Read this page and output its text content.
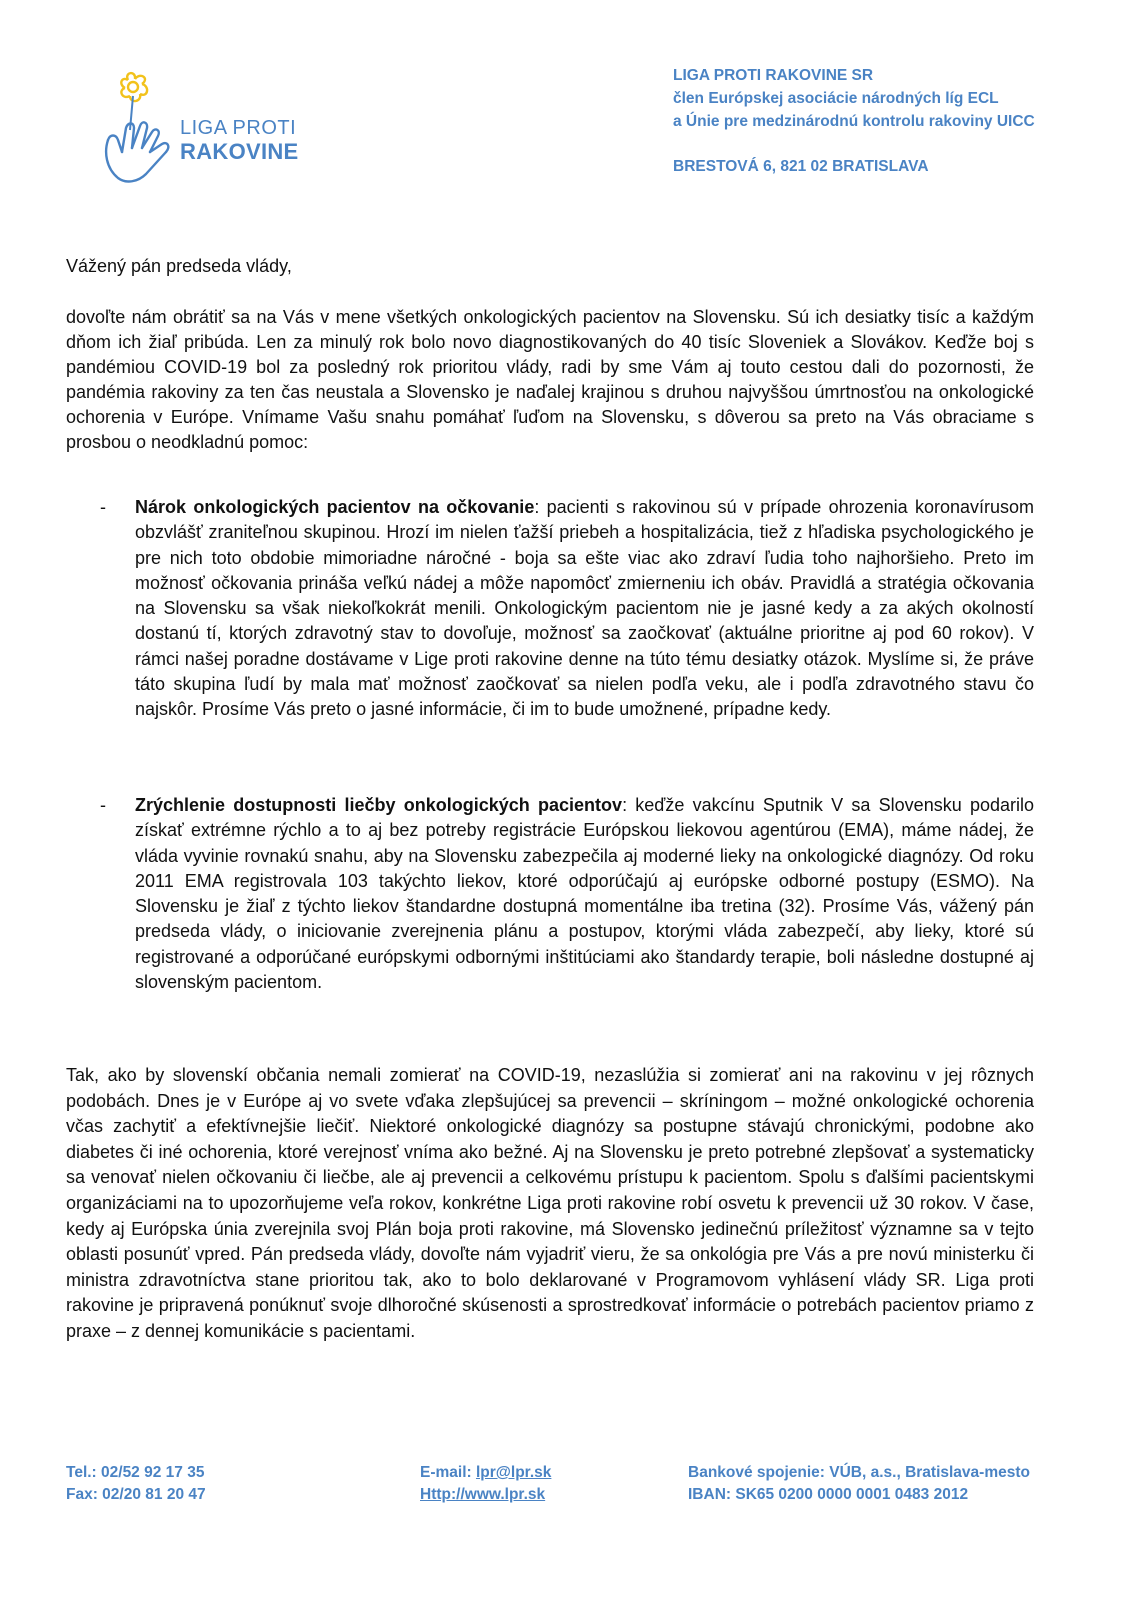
LIGA PROTI
RAKOVINE
LIGA PROTI RAKOVINE SR
člen Európskej asociácie národných líg ECL
a Únie pre medzinárodnú kontrolu rakoviny UICC
BRESTOVÁ 6, 821 02 BRATISLAVA
Vážený pán predseda vlády,

dovoľte nám obrátiť sa na Vás v mene všetkých onkologických pacientov na Slovensku. Sú ich desiatky tisíc a každým dňom ich žiaľ pribúda. Len za minulý rok bolo novo diagnostikovaných do 40 tisíc Sloveniek a Slovákov. Keďže boj s pandémiou COVID-19 bol za posledný rok prioritou vlády, radi by sme Vám aj touto cestou dali do pozornosti, že pandémia rakoviny za ten čas neustala a Slovensko je naďalej krajinou s druhou najvyššou úmrtnosťou na onkologické ochorenia v Európe. Vnímame Vašu snahu pomáhať ľuďom na Slovensku, s dôverou sa preto na Vás obraciame s prosbou o neodkladnú pomoc:

- Nárok onkologických pacientov na očkovanie: pacienti s rakovinou sú v prípade ohrozenia koronavírusom obzvlášť zraniteľnou skupinou. Hrozí im nielen ťažší priebeh a hospitalizácia, tiež z hľadiska psychologického je pre nich toto obdobie mimoriadne náročné - boja sa ešte viac ako zdraví ľudia toho najhoršieho. Preto im možnosť očkovania prináša veľkú nádej a môže napomôcť zmierneniu ich obáv. Pravidlá a stratégia očkovania na Slovensku sa však niekoľkokrát menili. Onkologickým pacientom nie je jasné kedy a za akých okolností dostanú tí, ktorých zdravotný stav to dovoľuje, možnosť sa zaočkovať (aktuálne prioritne aj pod 60 rokov). V rámci našej poradne dostávame v Lige proti rakovine denne na túto tému desiatky otázok. Myslíme si, že práve táto skupina ľudí by mala mať možnosť zaočkovať sa nielen podľa veku, ale i podľa zdravotného stavu čo najskôr. Prosíme Vás preto o jasné informácie, či im to bude umožnené, prípadne kedy.
- Zrýchlenie dostupnosti liečby onkologických pacientov: keďže vakcínu Sputnik V sa Slovensku podarilo získať extrémne rýchlo a to aj bez potreby registrácie Európskou liekovou agentúrou (EMA), máme nádej, že vláda vyvinie rovnakú snahu, aby na Slovensku zabezpečila aj moderné lieky na onkologické diagnózy. Od roku 2011 EMA registrovala 103 takýchto liekov, ktoré odporúčajú aj európske odborné postupy (ESMO). Na Slovensku je žiaľ z týchto liekov štandardne dostupná momentálne iba tretina (32). Prosíme Vás, vážený pán predseda vlády, o iniciovanie zverejnenia plánu a postupov, ktorými vláda zabezpečí, aby lieky, ktoré sú registrované a odporúčané európskymi odbornými inštitúciami ako štandardy terapie, boli následne dostupné aj slovenským pacientom.

Tak, ako by slovenskí občania nemali zomierať na COVID-19, nezaslúžia si zomierať ani na rakovinu v jej rôznych podobách. Dnes je v Európe aj vo svete vďaka zlepšujúcej sa prevencii – skríningom – možné onkologické ochorenia včas zachytiť a efektívnejšie liečiť. Niektoré onkologické diagnózy sa postupne stávajú chronickými, podobne ako diabetes či iné ochorenia, ktoré verejnosť vníma ako bežné. Aj na Slovensku je preto potrebné zlepšovať a systematicky sa venovať nielen očkovaniu či liečbe, ale aj prevencii a celkovému prístupu k pacientom. Spolu s ďalšími pacientskymi organizáciami na to upozorňujeme veľa rokov, konkrétne Liga proti rakovine robí osvetu k prevencii už 30 rokov. V čase, kedy aj Európska únia zverejnila svoj Plán boja proti rakovine, má Slovensko jedinečnú príležitosť významne sa v tejto oblasti posunúť vpred. Pán predseda vlády, dovoľte nám vyjadriť vieru, že sa onkológia pre Vás a pre novú ministerku či ministra zdravotníctva stane prioritou tak, ako to bolo deklarované v Programovom vyhlásení vlády SR. Liga proti rakovine je pripravená ponúknuť svoje dlhoročné skúsenosti a sprostredkovať informácie o potrebách pacientov priamo z praxe – z dennej komunikácie s pacientami.

Tel.: 02/52 92 17 35
Fax: 02/20 81 20 47
E-mail: lpr@lpr.sk
Http://www.lpr.sk
Bankové spojenie: VÚB, a.s., Bratislava-mesto
IBAN: SK65 0200 0000 0001 0483 2012
